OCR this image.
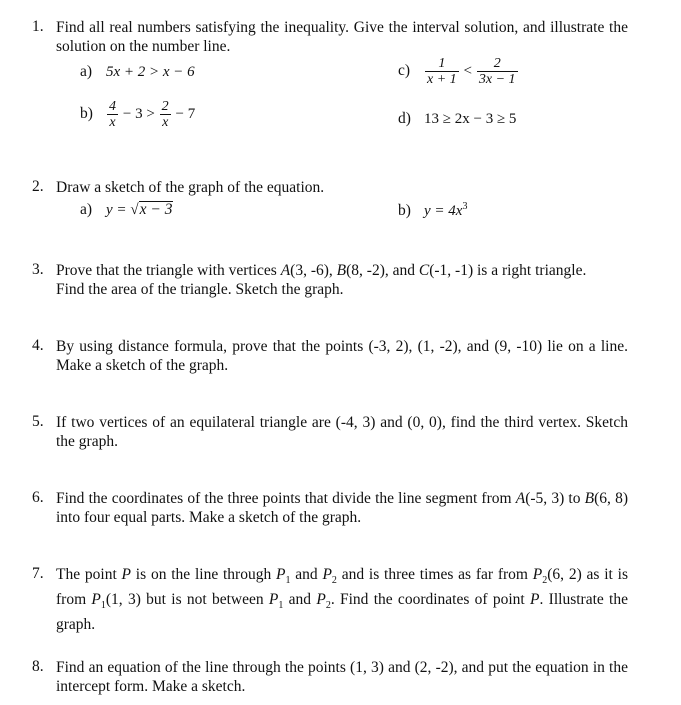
1. Find all real numbers satisfying the inequality. Give the interval solution, and illustrate the solution on the number line.
a) 5x + 2 > x − 6	$c) \frac{1}{x + 1} < \frac{2}{3x - 1}$
$b) \frac{4}{x} - 3 > \frac{2}{x} - 7$	d) 13 ≥ 2x − 3 ≥ 5
2. Draw a sketch of the graph of the equation.
a) y = √x − 3	b) $y = 4x^3$
3. Prove that the triangle with vertices A(3, -6), B(8, -2), and C(-1, -1) is a right triangle.
Find the area of the triangle. Sketch the graph.
4. By using distance formula, prove that the points (-3, 2), (1, -2), and (9, -10) lie on a line. Make a sketch of the graph.
5. If two vertices of an equilateral triangle are (-4, 3) and (0, 0), find the third vertex. Sketch the graph.
6. Find the coordinates of the three points that divide the line segment from A(-5, 3) to B(6, 8) into four equal parts. Make a sketch of the graph.
7. The point P is on the line through $P_1$ and $P_2$ and is three times as far from $P_2(6$, 2) as it is from $P_1(1$, 3) but is not between $P_1$ and $P_2$. Find the coordinates of point P. Illustrate the graph.
8. Find an equation of the line through the points (1, 3) and (2, -2), and put the equation in the intercept form. Make a sketch.
